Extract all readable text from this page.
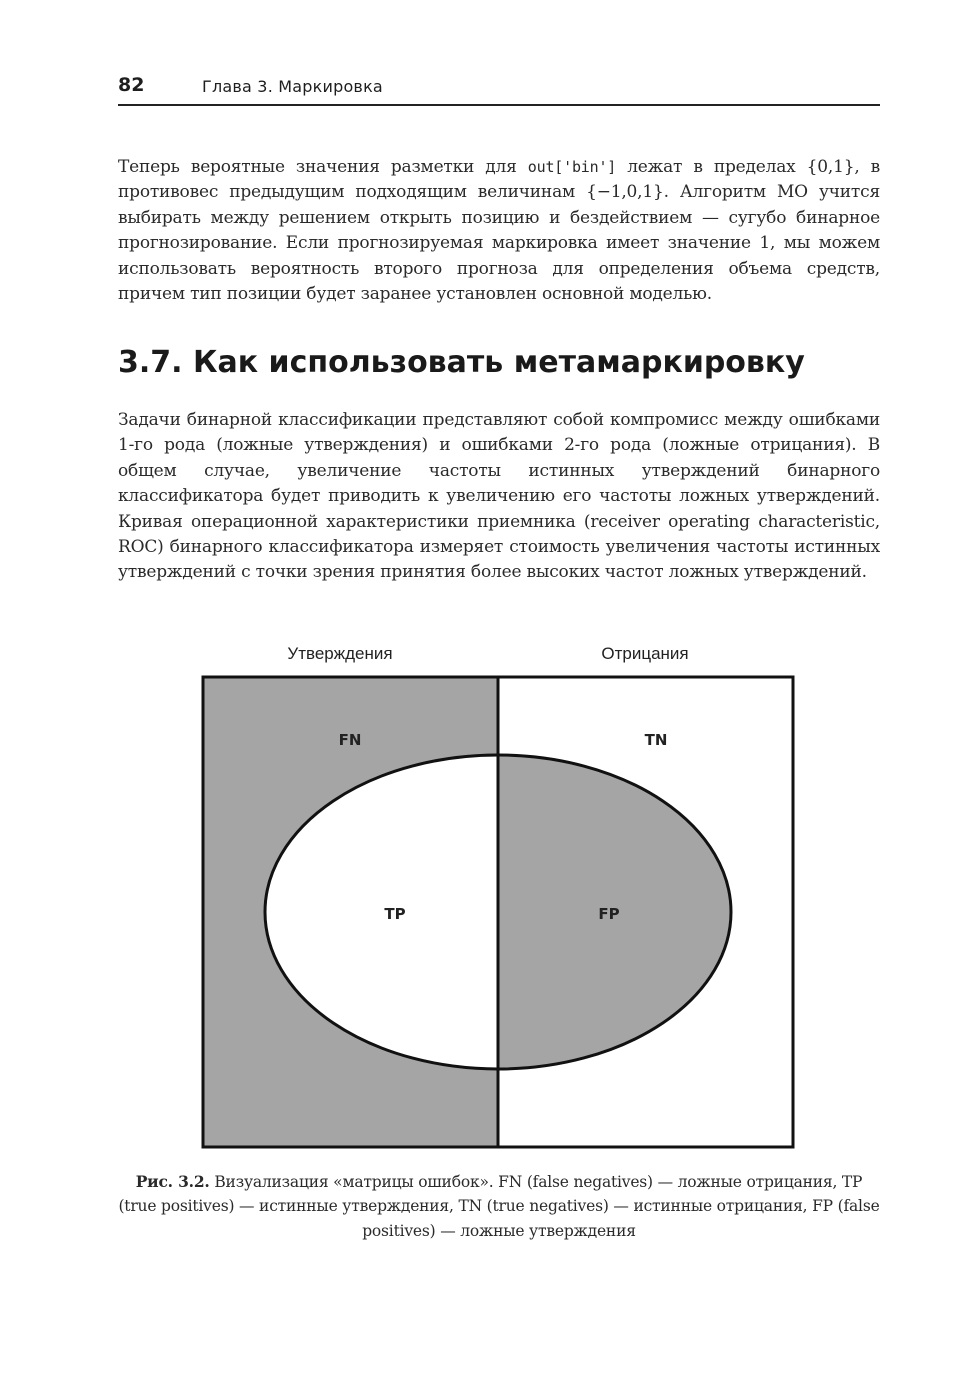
82	Глава 3. Маркировка

Теперь вероятные значения разметки для out['bin'] лежат в пределах {0,1}, в противовес предыдущим подходящим величинам {−1,0,1}. Алгоритм МО учится выбирать между решением открыть позицию и бездействием — сугубо бинарное прогнозирование. Если прогнозируемая маркировка имеет значение 1, мы можем использовать вероятность второго прогноза для определения объема средств, причем тип позиции будет заранее установлен основной моделью.

3.7. Как использовать метамаркировку

Задачи бинарной классификации представляют собой компромисс между ошибками 1-го рода (ложные утверждения) и ошибками 2-го рода (ложные отрицания). В общем случае, увеличение частоты истинных утверждений бинарного классификатора будет приводить к увеличению его частоты ложных утверждений. Кривая операционной характеристики приемника (receiver operating characteristic, ROC) бинарного классификатора измеряет стоимость увеличения частоты истинных утверждений с точки зрения принятия более высоких частот ложных утверждений.

Утверждения	Отрицания
FN	TN
TP	FP

Рис. 3.2. Визуализация «матрицы ошибок». FN (false negatives) — ложные отрицания, TP (true positives) — истинные утверждения, TN (true negatives) — истинные отрицания, FP (false positives) — ложные утверждения
